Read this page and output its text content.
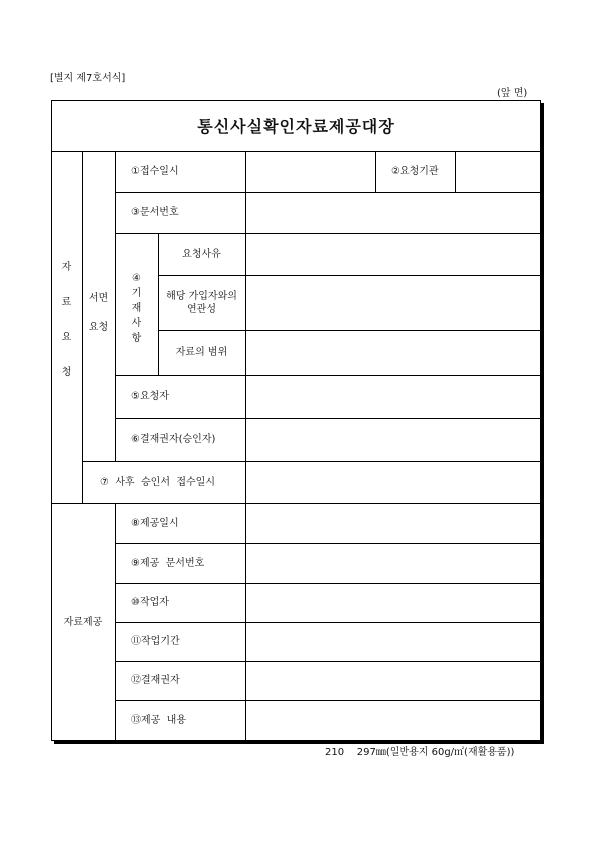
[별지 제7호서식]
(앞 면)
통신사실확인자료제공대장
자
료
요
청
서면
요청
④
기
재
사
항
①접수일시	②요청기관
③문서번호
요청사유
해당 가입자와의
연관성
자료의 범위
⑤요청자
⑥결재권자(승인자)
⑦  사후  승인서  접수일시
자료제공
⑧제공일시
⑨제공  문서번호
⑩작업자
⑪작업기간
⑫결재권자
⑬제공  내용
210    297㎜(일반용지 60g/㎡(재활용품))
